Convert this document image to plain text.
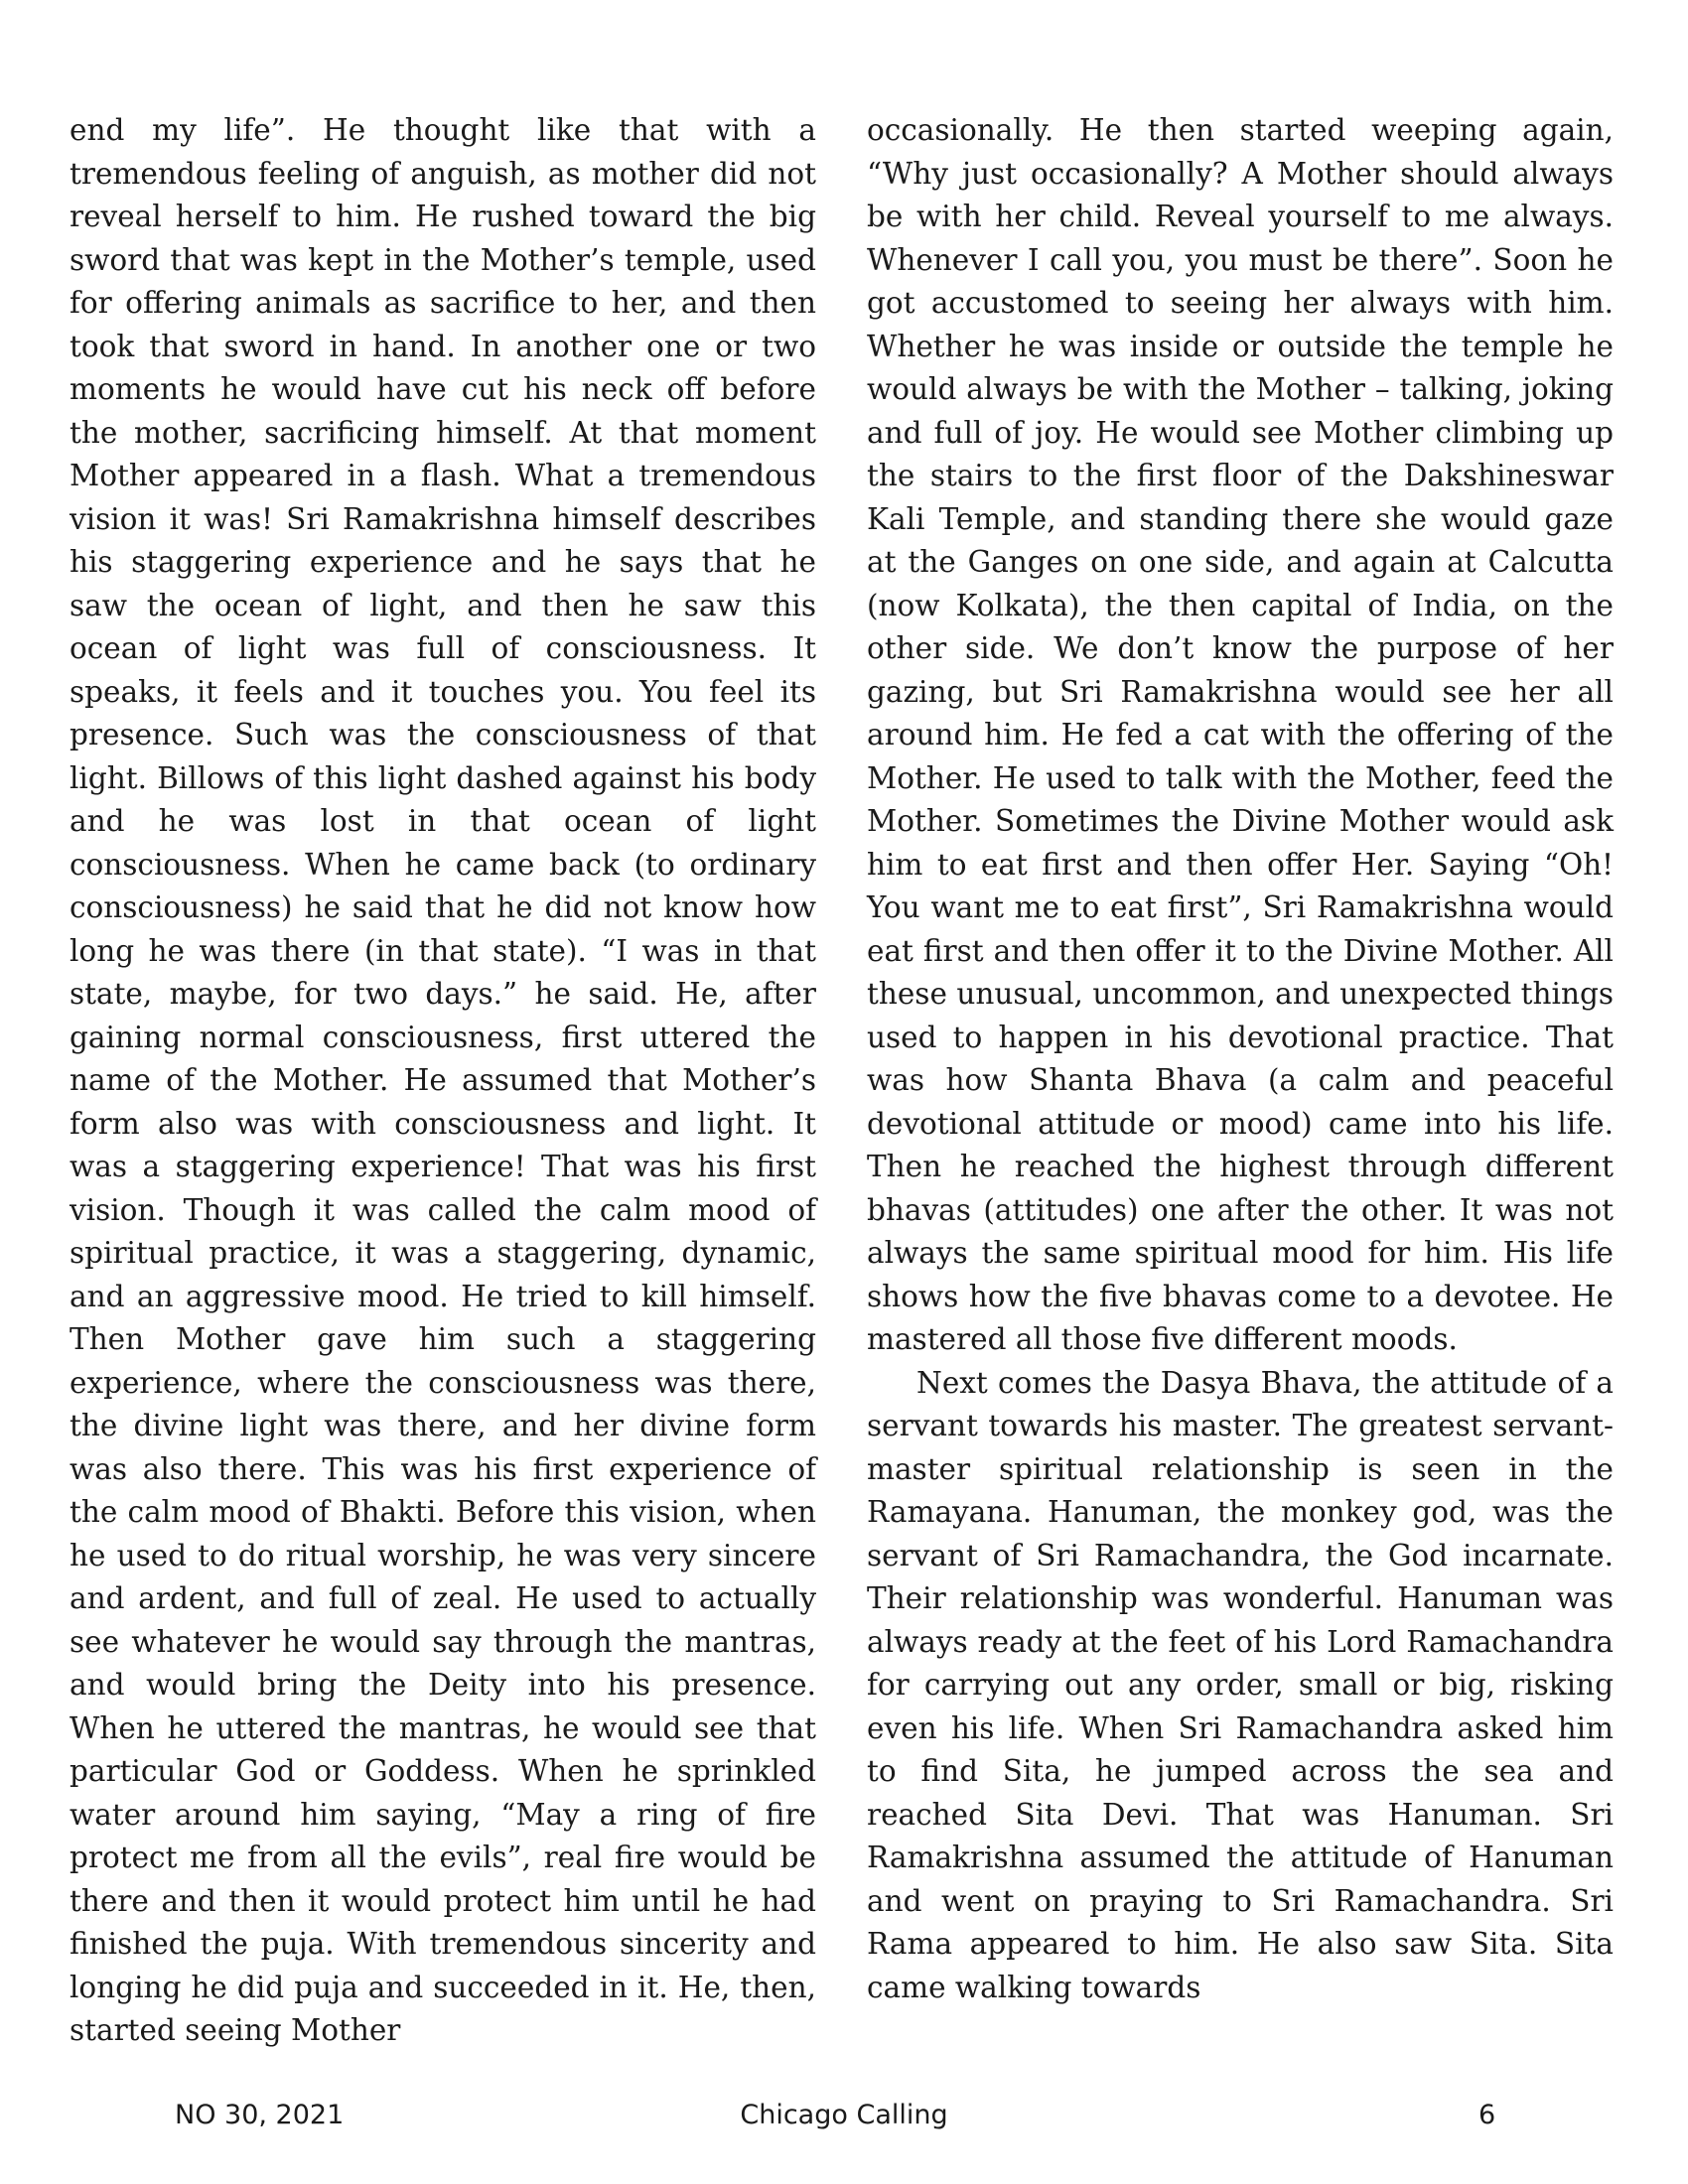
end my life”. He thought like that with a tremendous feeling of anguish, as mother did not reveal herself to him. He rushed toward the big sword that was kept in the Mother’s temple, used for offering animals as sacrifice to her, and then took that sword in hand. In another one or two moments he would have cut his neck off before the mother, sacrificing himself. At that moment Mother appeared in a flash. What a tremendous vision it was! Sri Ramakrishna himself describes his staggering experience and he says that he saw the ocean of light, and then he saw this ocean of light was full of consciousness. It speaks, it feels and it touches you. You feel its presence. Such was the consciousness of that light. Billows of this light dashed against his body and he was lost in that ocean of light consciousness. When he came back (to ordinary consciousness) he said that he did not know how long he was there (in that state). “I was in that state, maybe, for two days.” he said. He, after gaining normal consciousness, first uttered the name of the Mother. He assumed that Mother’s form also was with consciousness and light. It was a staggering experience! That was his first vision. Though it was called the calm mood of spiritual practice, it was a staggering, dynamic, and an aggressive mood. He tried to kill himself. Then Mother gave him such a staggering experience, where the consciousness was there, the divine light was there, and her divine form was also there. This was his first experience of the calm mood of Bhakti. Before this vision, when he used to do ritual worship, he was very sincere and ardent, and full of zeal. He used to actually see whatever he would say through the mantras, and would bring the Deity into his presence. When he uttered the mantras, he would see that particular God or Goddess. When he sprinkled water around him saying, “May a ring of fire protect me from all the evils”, real fire would be there and then it would protect him until he had finished the puja. With tremendous sincerity and longing he did puja and succeeded in it. He, then, started seeing Mother

occasionally. He then started weeping again, “Why just occasionally? A Mother should always be with her child. Reveal yourself to me always. Whenever I call you, you must be there”. Soon he got accustomed to seeing her always with him. Whether he was inside or outside the temple he would always be with the Mother – talking, joking and full of joy. He would see Mother climbing up the stairs to the first floor of the Dakshineswar Kali Temple, and standing there she would gaze at the Ganges on one side, and again at Calcutta (now Kolkata), the then capital of India, on the other side. We don’t know the purpose of her gazing, but Sri Ramakrishna would see her all around him. He fed a cat with the offering of the Mother. He used to talk with the Mother, feed the Mother. Sometimes the Divine Mother would ask him to eat first and then offer Her. Saying “Oh! You want me to eat first”, Sri Ramakrishna would eat first and then offer it to the Divine Mother. All these unusual, uncommon, and unexpected things used to happen in his devotional practice. That was how Shanta Bhava (a calm and peaceful devotional attitude or mood) came into his life. Then he reached the highest through different bhavas (attitudes) one after the other. It was not always the same spiritual mood for him. His life shows how the five bhavas come to a devotee. He mastered all those five different moods.

Next comes the Dasya Bhava, the attitude of a servant towards his master. The greatest servant-master spiritual relationship is seen in the Ramayana. Hanuman, the monkey god, was the servant of Sri Ramachandra, the God incarnate. Their relationship was wonderful. Hanuman was always ready at the feet of his Lord Ramachandra for carrying out any order, small or big, risking even his life. When Sri Ramachandra asked him to find Sita, he jumped across the sea and reached Sita Devi. That was Hanuman. Sri Ramakrishna assumed the attitude of Hanuman and went on praying to Sri Ramachandra. Sri Rama appeared to him. He also saw Sita. Sita came walking towards

NO 30, 2021	Chicago Calling	6
